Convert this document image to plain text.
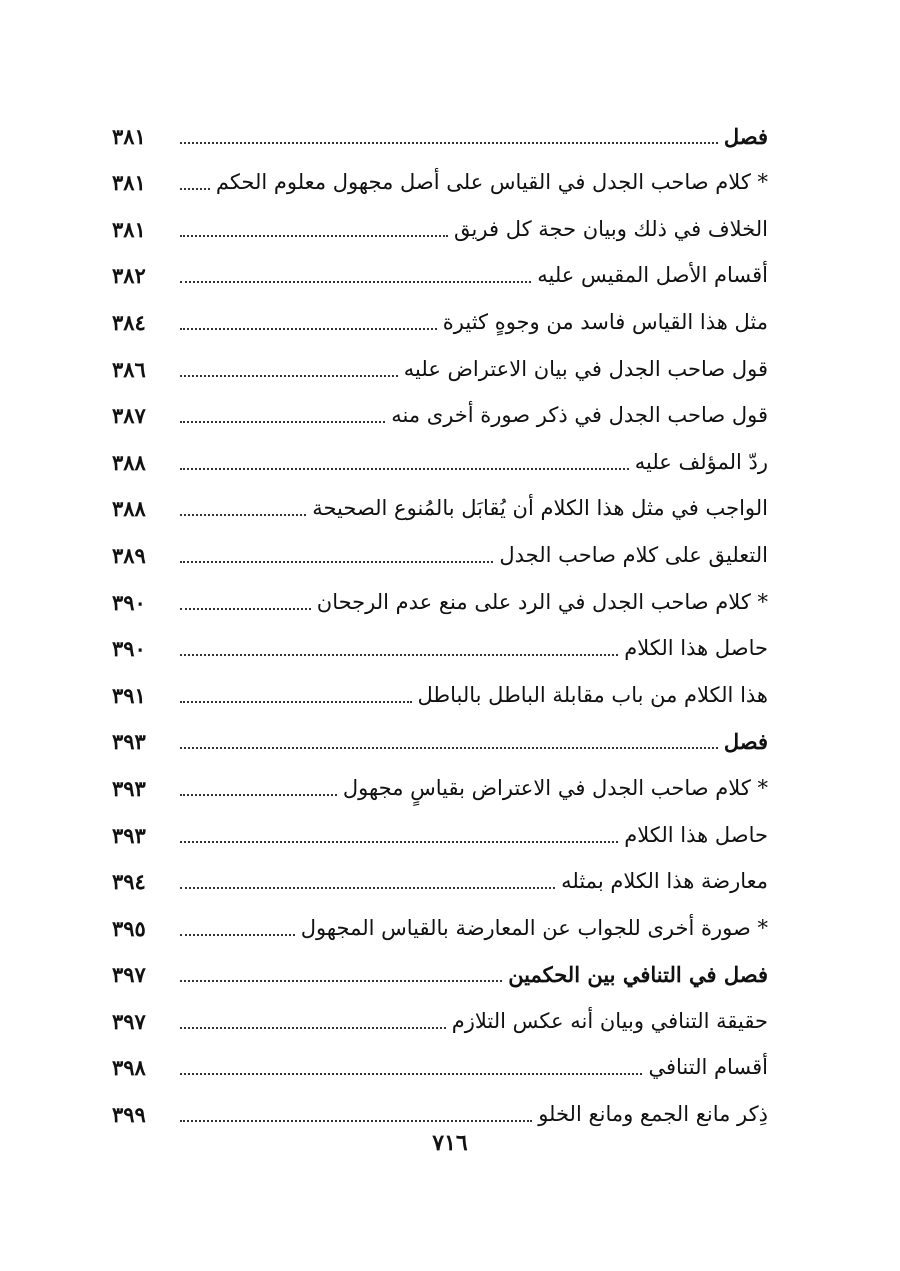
فصل
٣٨١
* كلام صاحب الجدل في القياس على أصل مجهول معلوم الحكم
٣٨١
الخلاف في ذلك وبيان حجة كل فريق
٣٨١
أقسام الأصل المقيس عليه
٣٨٢
مثل هذا القياس فاسد من وجوهٍ كثيرة
٣٨٤
قول صاحب الجدل في بيان الاعتراض عليه
٣٨٦
قول صاحب الجدل في ذكر صورة أخرى منه
٣٨٧
ردّ المؤلف عليه
٣٨٨
الواجب في مثل هذا الكلام أن يُقابَل بالمُنوع الصحيحة
٣٨٨
التعليق على كلام صاحب الجدل
٣٨٩
* كلام صاحب الجدل في الرد على منع عدم الرجحان
٣٩٠
حاصل هذا الكلام
٣٩٠
هذا الكلام من باب مقابلة الباطل بالباطل
٣٩١
فصل
٣٩٣
* كلام صاحب الجدل في الاعتراض بقياسٍ مجهول
٣٩٣
حاصل هذا الكلام
٣٩٣
معارضة هذا الكلام بمثله
٣٩٤
* صورة أخرى للجواب عن المعارضة بالقياس المجهول
٣٩٥
فصل في التنافي بين الحكمين
٣٩٧
حقيقة التنافي وبيان أنه عكس التلازم
٣٩٧
أقسام التنافي
٣٩٨
ذِكر مانع الجمع ومانع الخلو
٣٩٩
٧١٦
